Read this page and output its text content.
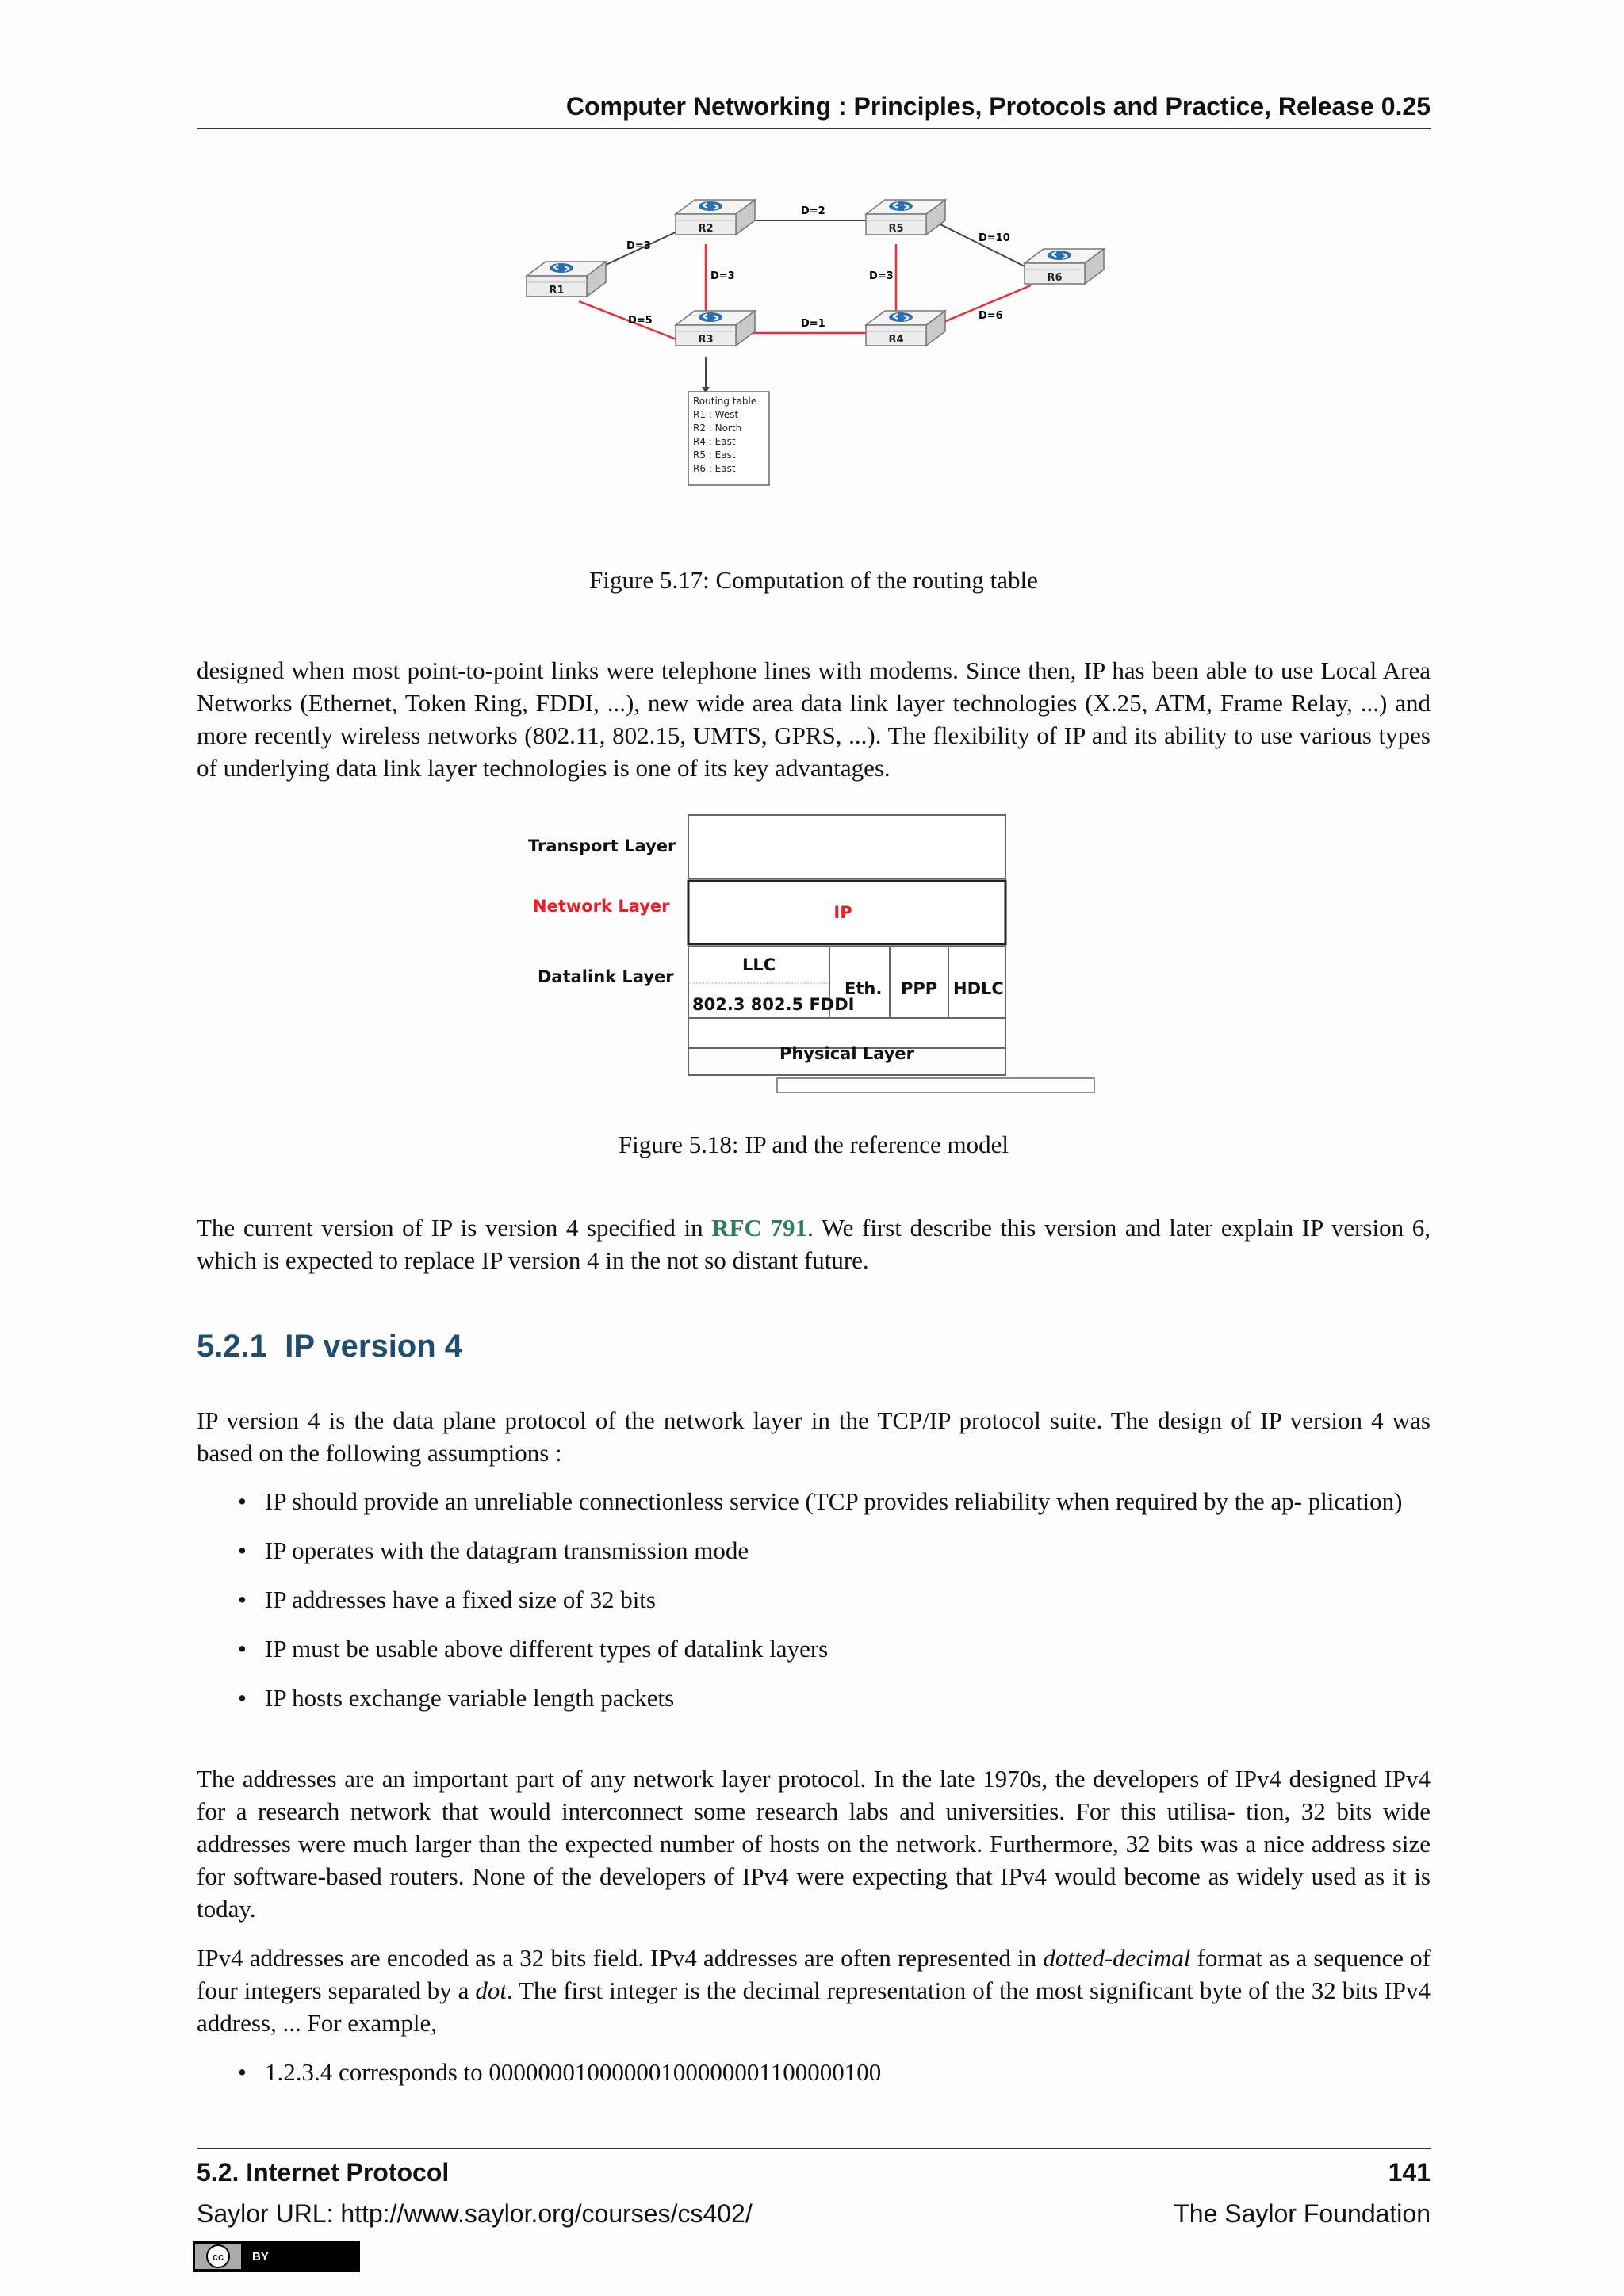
Computer Networking : Principles, Protocols and Practice, Release 0.25
R1
R2
R3	R4
R5
R6
D=3
D=5
D=3
D=2
D=1
D=3
D=10
D=6
Routing table
R1 : West
R2 : North
R4 : East
R5 : East
R6 : East
Figure 5.17: Computation of the routing table

designed when most point-to-point links were telephone lines with modems. Since then, IP has been able to use Local Area Networks (Ethernet, Token Ring, FDDI, ...), new wide area data link layer technologies (X.25, ATM, Frame Relay, ...) and more recently wireless networks (802.11, 802.15, UMTS, GPRS, ...). The flexibility of IP and its ability to use various types of underlying data link layer technologies is one of its key advantages.

Transport Layer
Network Layer
Datalink Layer
IP
LLC
802.3 802.5 FDDI
Eth. PPP HDLC
Physical Layer
Figure 5.18: IP and the reference model

The current version of IP is version 4 specified in RFC 791. We first describe this version and later explain IP version 6, which is expected to replace IP version 4 in the not so distant future.

5.2.1 IP version 4

IP version 4 is the data plane protocol of the network layer in the TCP/IP protocol suite. The design of IP version 4 was based on the following assumptions :

• IP should provide an unreliable connectionless service (TCP provides reliability when required by the ap- plication)
• IP operates with the datagram transmission mode
• IP addresses have a fixed size of 32 bits
• IP must be usable above different types of datalink layers
• IP hosts exchange variable length packets

The addresses are an important part of any network layer protocol. In the late 1970s, the developers of IPv4 designed IPv4 for a research network that would interconnect some research labs and universities. For this utilisa- tion, 32 bits wide addresses were much larger than the expected number of hosts on the network. Furthermore, 32 bits was a nice address size for software-based routers. None of the developers of IPv4 were expecting that IPv4 would become as widely used as it is today.

IPv4 addresses are encoded as a 32 bits field. IPv4 addresses are often represented in dotted-decimal format as a sequence of four integers separated by a dot. The first integer is the decimal representation of the most significant byte of the 32 bits IPv4 address, ... For example,

• 1.2.3.4 corresponds to 00000001000000100000001100000100
5.2. Internet Protocol	141
Saylor URL: http://www.saylor.org/courses/cs402/	The Saylor Foundation
cc	BY
